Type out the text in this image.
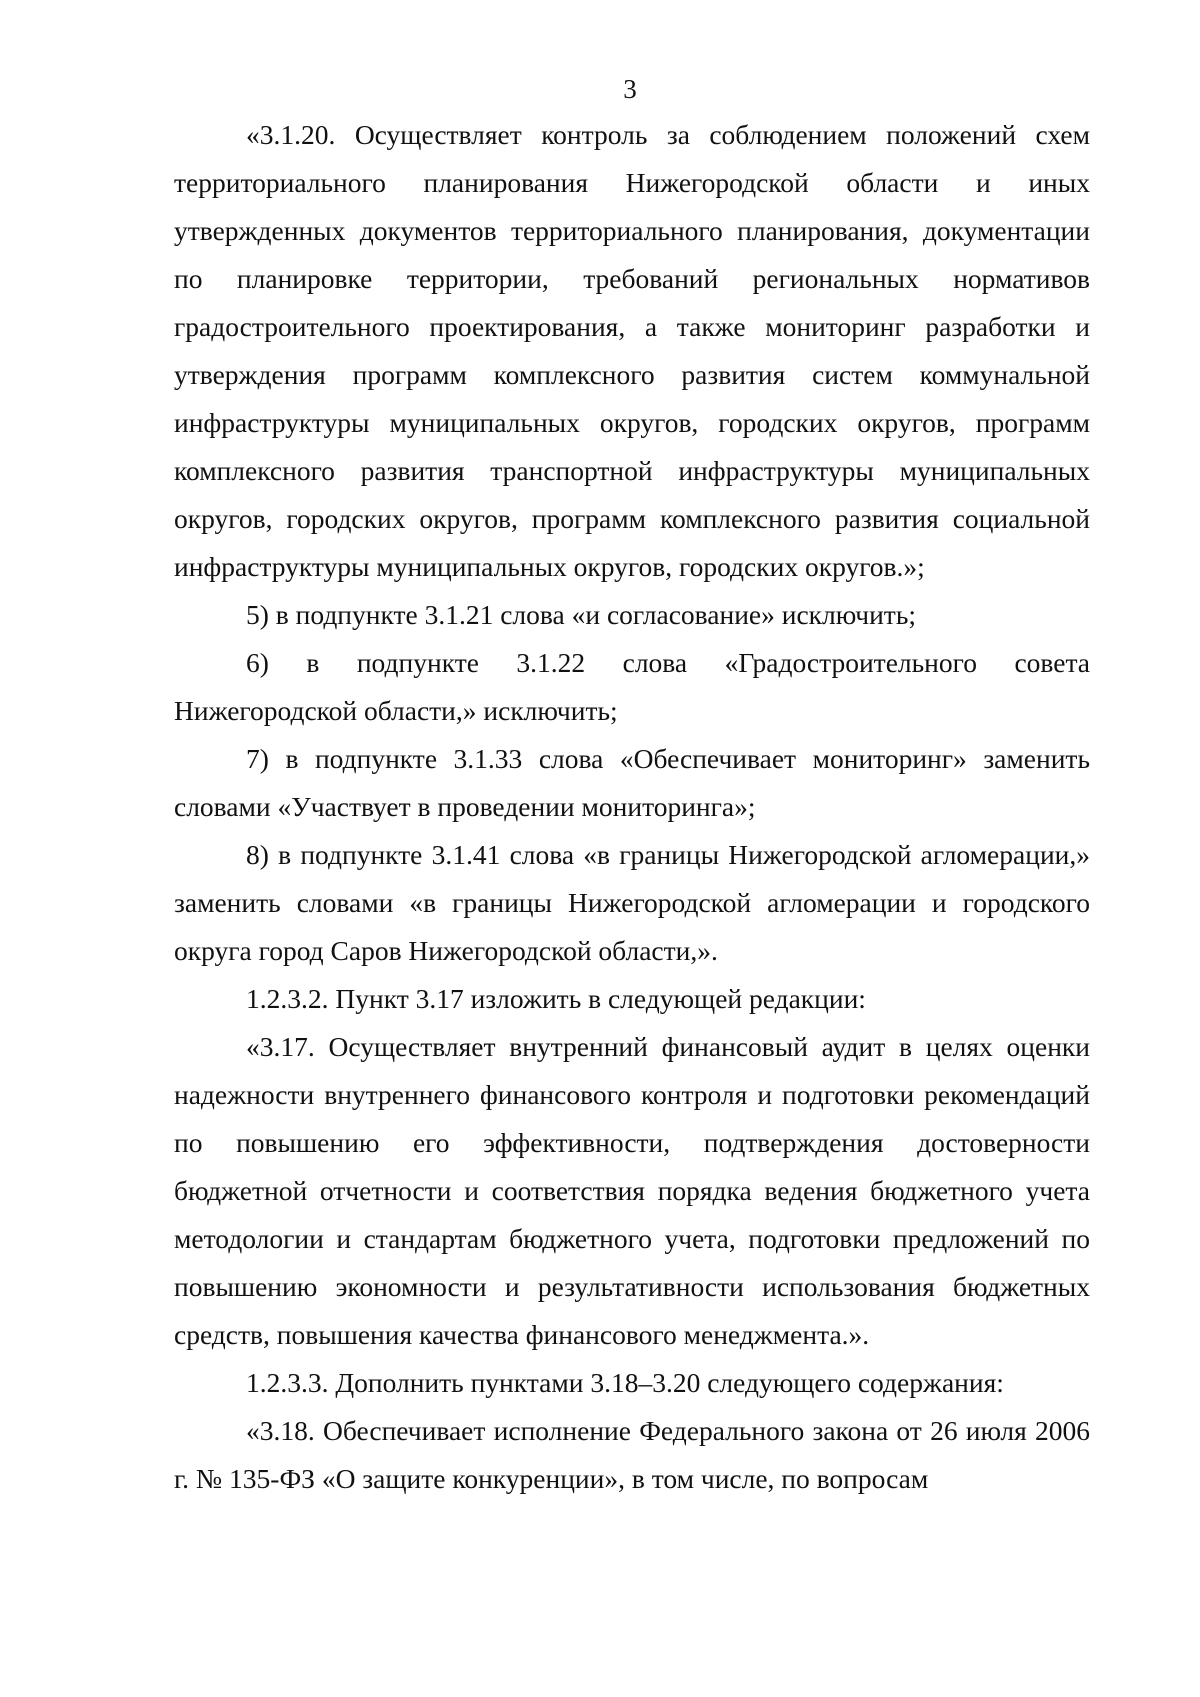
3

«3.1.20. Осуществляет контроль за соблюдением положений схем территориального планирования Нижегородской области и иных утвержденных документов территориального планирования, документации по планировке территории, требований региональных нормативов градостроительного проектирования, а также мониторинг разработки и утверждения программ комплексного развития систем коммунальной инфраструктуры муниципальных округов, городских округов, программ комплексного развития транспортной инфраструктуры муниципальных округов, городских округов, программ комплексного развития социальной инфраструктуры муниципальных округов, городских округов.»;

5) в подпункте 3.1.21 слова «и согласование» исключить;

6) в подпункте 3.1.22 слова «Градостроительного совета Нижегородской области,» исключить;

7) в подпункте 3.1.33 слова «Обеспечивает мониторинг» заменить словами «Участвует в проведении мониторинга»;

8) в подпункте 3.1.41 слова «в границы Нижегородской агломерации,» заменить словами «в границы Нижегородской агломерации и городского округа город Саров Нижегородской области,».

1.2.3.2. Пункт 3.17 изложить в следующей редакции:

«3.17. Осуществляет внутренний финансовый аудит в целях оценки надежности внутреннего финансового контроля и подготовки рекомендаций по повышению его эффективности, подтверждения достоверности бюджетной отчетности и соответствия порядка ведения бюджетного учета методологии и стандартам бюджетного учета, подготовки предложений по повышению экономности и результативности использования бюджетных средств, повышения качества финансового менеджмента.».

1.2.3.3. Дополнить пунктами 3.18–3.20 следующего содержания:

«3.18. Обеспечивает исполнение Федерального закона от 26 июля 2006 г. № 135-ФЗ «О защите конкуренции», в том числе, по вопросам
